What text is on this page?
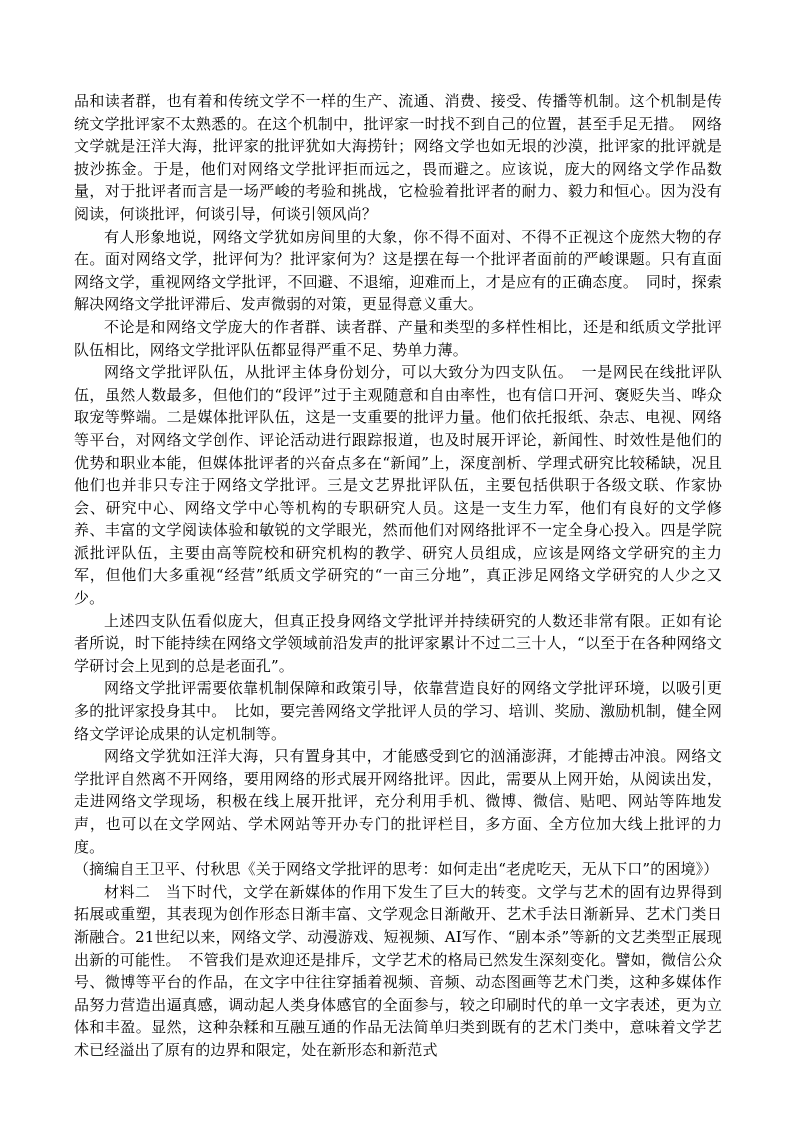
品和读者群，也有着和传统文学不一样的生产、流通、消费、接受、传播等机制。这个机制是传统文学批评家不太熟悉的。在这个机制中，批评家一时找不到自己的位置，甚至手足无措。　网络文学就是汪洋大海，批评家的批评犹如大海捞针；网络文学也如无垠的沙漠，批评家的批评就是披沙拣金。于是，他们对网络文学批评拒而远之，畏而避之。应该说，庞大的网络文学作品数量，对于批评者而言是一场严峻的考验和挑战，它检验着批评者的耐力、毅力和恒心。因为没有阅读，何谈批评，何谈引导，何谈引领风尚？

有人形象地说，网络文学犹如房间里的大象，你不得不面对、不得不正视这个庞然大物的存在。面对网络文学，批评何为？批评家何为？这是摆在每一个批评者面前的严峻课题。只有直面网络文学，重视网络文学批评，不回避、不退缩，迎难而上，才是应有的正确态度。　同时，探索解决网络文学批评滞后、发声微弱的对策，更显得意义重大。

不论是和网络文学庞大的作者群、读者群、产量和类型的多样性相比，还是和纸质文学批评队伍相比，网络文学批评队伍都显得严重不足、势单力薄。

网络文学批评队伍，从批评主体身份划分，可以大致分为四支队伍。　一是网民在线批评队伍，虽然人数最多，但他们的“段评”过于主观随意和自由率性，也有信口开河、褒贬失当、哗众取宠等弊端。二是媒体批评队伍，这是一支重要的批评力量。他们依托报纸、杂志、电视、网络等平台，对网络文学创作、评论活动进行跟踪报道，也及时展开评论，新闻性、时效性是他们的优势和职业本能，但媒体批评者的兴奋点多在“新闻”上，深度剖析、学理式研究比较稀缺，况且他们也并非只专注于网络文学批评。三是文艺界批评队伍，主要包括供职于各级文联、作家协会、研究中心、网络文学中心等机构的专职研究人员。这是一支生力军，他们有良好的文学修养、丰富的文学阅读体验和敏锐的文学眼光，然而他们对网络批评不一定全身心投入。四是学院派批评队伍，主要由高等院校和研究机构的教学、研究人员组成，应该是网络文学研究的主力军，但他们大多重视“经营”纸质文学研究的“一亩三分地”，真正涉足网络文学研究的人少之又少。

上述四支队伍看似庞大，但真正投身网络文学批评并持续研究的人数还非常有限。正如有论者所说，时下能持续在网络文学领域前沿发声的批评家累计不过二三十人，“以至于在各种网络文学研讨会上见到的总是老面孔”。

网络文学批评需要依靠机制保障和政策引导，依靠营造良好的网络文学批评环境，以吸引更多的批评家投身其中。　比如，要完善网络文学批评人员的学习、培训、奖励、激励机制，健全网络文学评论成果的认定机制等。

网络文学犹如汪洋大海，只有置身其中，才能感受到它的汹涌澎湃，才能搏击冲浪。网络文学批评自然离不开网络，要用网络的形式展开网络批评。因此，需要从上网开始，从阅读出发，走进网络文学现场，积极在线上展开批评，充分利用手机、微博、微信、贴吧、网站等阵地发声，也可以在文学网站、学术网站等开办专门的批评栏目，多方面、全方位加大线上批评的力度。

（摘编自王卫平、付秋思《关于网络文学批评的思考：如何走出“老虎吃天，无从下口”的困境》）

材料二　当下时代，文学在新媒体的作用下发生了巨大的转变。文学与艺术的固有边界得到拓展或重塑，其表现为创作形态日渐丰富、文学观念日渐敞开、艺术手法日渐新异、艺术门类日渐融合。21世纪以来，网络文学、动漫游戏、短视频、AI写作、“剧本杀”等新的文艺类型正展现出新的可能性。　不管我们是欢迎还是排斥，文学艺术的格局已然发生深刻变化。譬如，微信公众号、微博等平台的作品，在文字中往往穿插着视频、音频、动态图画等艺术门类，这种多媒体作品努力营造出逼真感，调动起人类身体感官的全面参与，较之印刷时代的单一文字表述，更为立体和丰盈。显然，这种杂糅和互融互通的作品无法简单归类到既有的艺术门类中，意味着文学艺术已经溢出了原有的边界和限定，处在新形态和新范式
